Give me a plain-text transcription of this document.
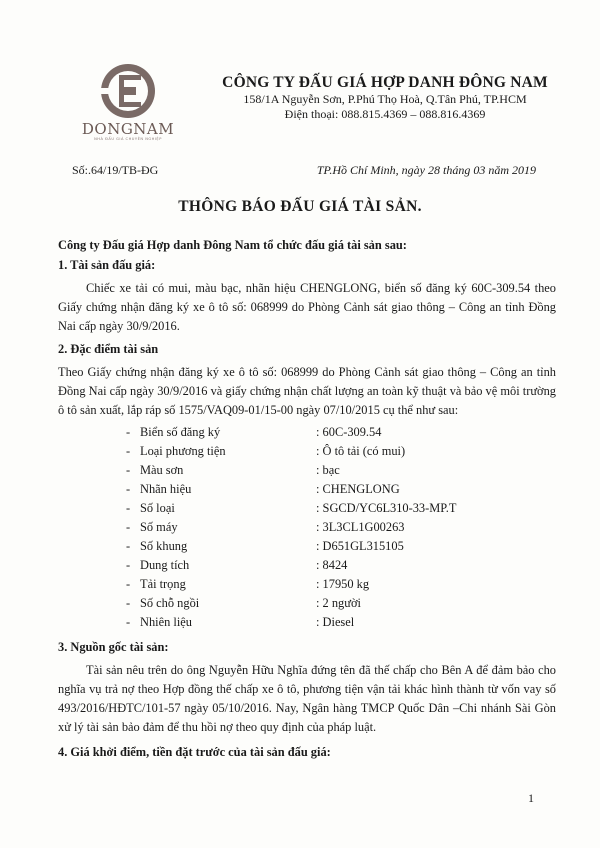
DONGNAM
NHÀ ĐẤU GIÁ CHUYÊN NGHIỆP
CÔNG TY ĐẤU GIÁ HỢP DANH ĐÔNG NAM
158/1A Nguyễn Sơn, P.Phú Thọ Hoà, Q.Tân Phú, TP.HCM
Điện thoại: 088.815.4369 – 088.816.4369
Số:.64/19/TB-ĐG	TP.Hồ Chí Minh, ngày 28 tháng 03 năm 2019
THÔNG BÁO ĐẤU GIÁ TÀI SẢN.

Công ty Đấu giá Hợp danh Đông Nam tổ chức đấu giá tài sản sau:

1. Tài sản đấu giá:

Chiếc xe tải có mui, màu bạc, nhãn hiệu CHENGLONG, biển số đăng ký 60C-309.54 theo Giấy chứng nhận đăng ký xe ô tô số: 068999 do Phòng Cảnh sát giao thông – Công an tỉnh Đồng Nai cấp ngày 30/9/2016.

2. Đặc điểm tài sản

Theo Giấy chứng nhận đăng ký xe ô tô số: 068999 do Phòng Cảnh sát giao thông – Công an tỉnh Đồng Nai cấp ngày 30/9/2016 và giấy chứng nhận chất lượng an toàn kỹ thuật và bảo vệ môi trường ô tô sản xuất, lắp ráp số 1575/VAQ09-01/15-00 ngày 07/10/2015 cụ thể như sau:

- Biển số đăng ký	: 60C-309.54
- Loại phương tiện	: Ô tô tải (có mui)
- Màu sơn	: bạc
- Nhãn hiệu	: CHENGLONG
- Số loại	: SGCD/YC6L310-33-MP.T
- Số máy	: 3L3CL1G00263
- Số khung	: D651GL315105
- Dung tích	: 8424
- Tải trọng	: 17950 kg
- Số chỗ ngồi	: 2 người
- Nhiên liệu	: Diesel

3. Nguồn gốc tài sản:

Tài sản nêu trên do ông Nguyễn Hữu Nghĩa đứng tên đã thế chấp cho Bên A để đảm bảo cho nghĩa vụ trả nợ theo Hợp đồng thế chấp xe ô tô, phương tiện vận tải khác hình thành từ vốn vay số 493/2016/HĐTC/101-57 ngày 05/10/2016. Nay, Ngân hàng TMCP Quốc Dân –Chi nhánh Sài Gòn xử lý tài sản bảo đảm để thu hồi nợ theo quy định của pháp luật.

4. Giá khởi điểm, tiền đặt trước của tài sản đấu giá:

1
